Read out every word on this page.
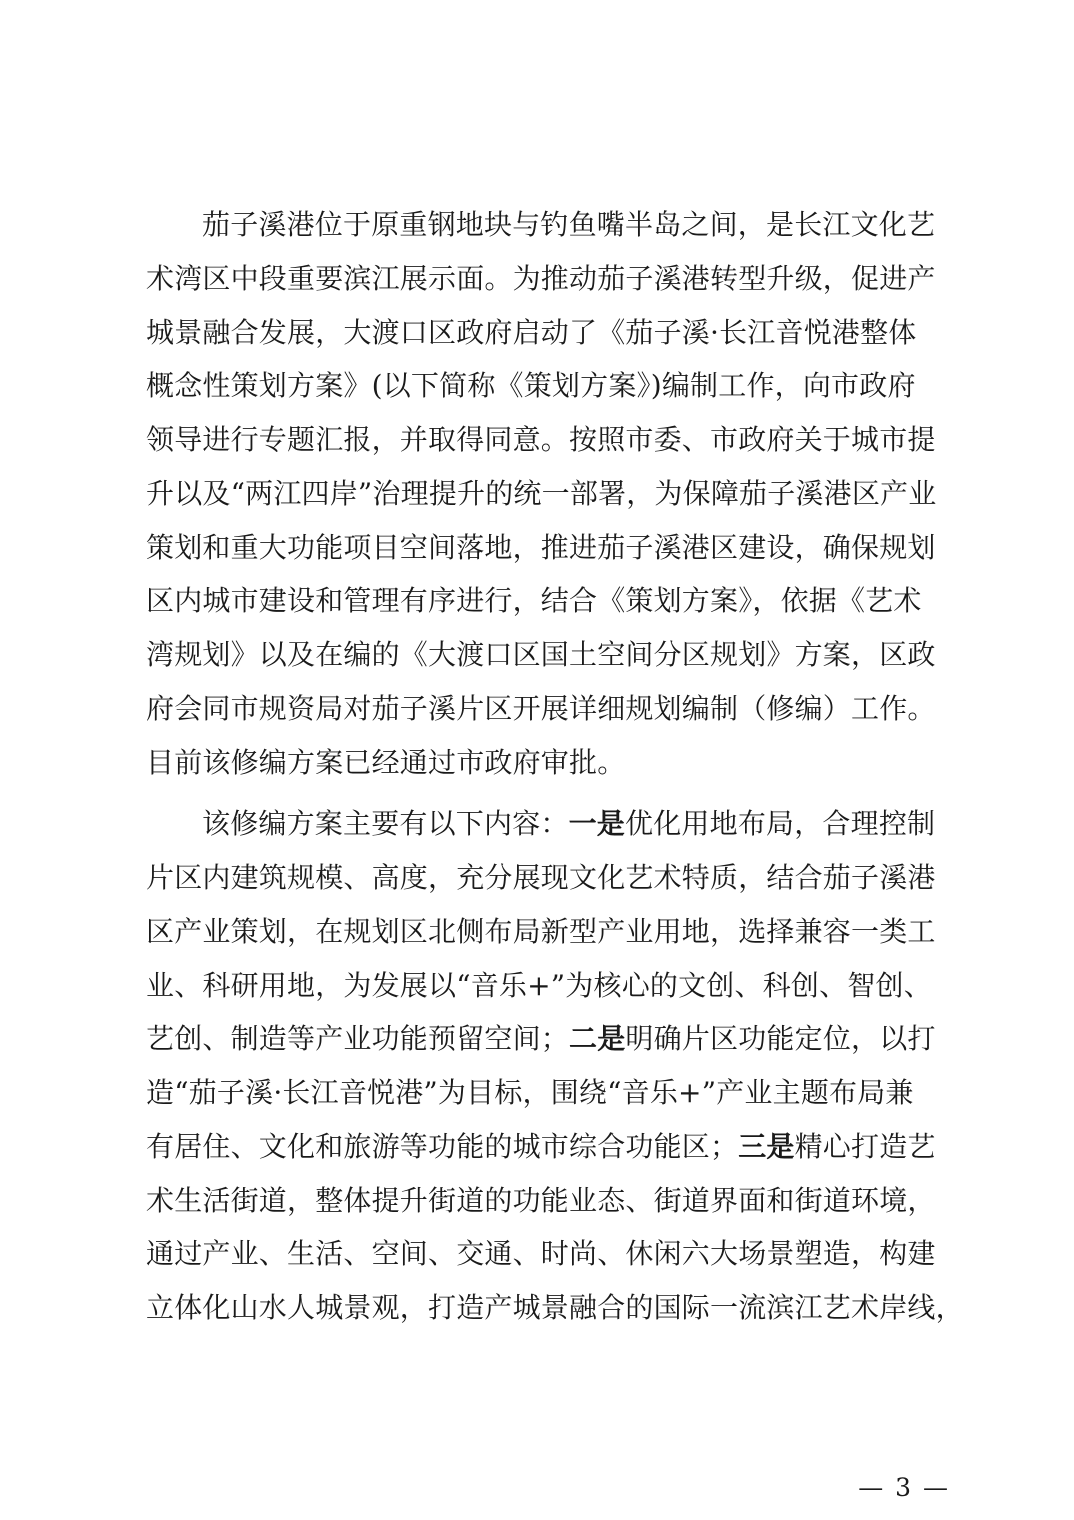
茄子溪港位于原重钢地块与钓鱼嘴半岛之间，是长江文化艺
术湾区中段重要滨江展示面。为推动茄子溪港转型升级，促进产
城景融合发展，大渡口区政府启动了《茄子溪·长江音悦港整体
概念性策划方案》(以下简称《策划方案》)编制工作，向市政府
领导进行专题汇报，并取得同意。按照市委、市政府关于城市提
升以及“两江四岸”治理提升的统一部署，为保障茄子溪港区产业
策划和重大功能项目空间落地，推进茄子溪港区建设，确保规划
区内城市建设和管理有序进行，结合《策划方案》，依据《艺术
湾规划》以及在编的《大渡口区国土空间分区规划》方案，区政
府会同市规资局对茄子溪片区开展详细规划编制（修编）工作。
目前该修编方案已经通过市政府审批。
该修编方案主要有以下内容：一是优化用地布局，合理控制
片区内建筑规模、高度，充分展现文化艺术特质，结合茄子溪港
区产业策划，在规划区北侧布局新型产业用地，选择兼容一类工
业、科研用地，为发展以“音乐+”为核心的文创、科创、智创、
艺创、制造等产业功能预留空间；二是明确片区功能定位，以打
造“茄子溪·长江音悦港”为目标，围绕“音乐+”产业主题布局兼
有居住、文化和旅游等功能的城市综合功能区；三是精心打造艺
术生活街道，整体提升街道的功能业态、街道界面和街道环境，
通过产业、生活、空间、交通、时尚、休闲六大场景塑造，构建
立体化山水人城景观，打造产城景融合的国际一流滨江艺术岸线，
— 3 —
